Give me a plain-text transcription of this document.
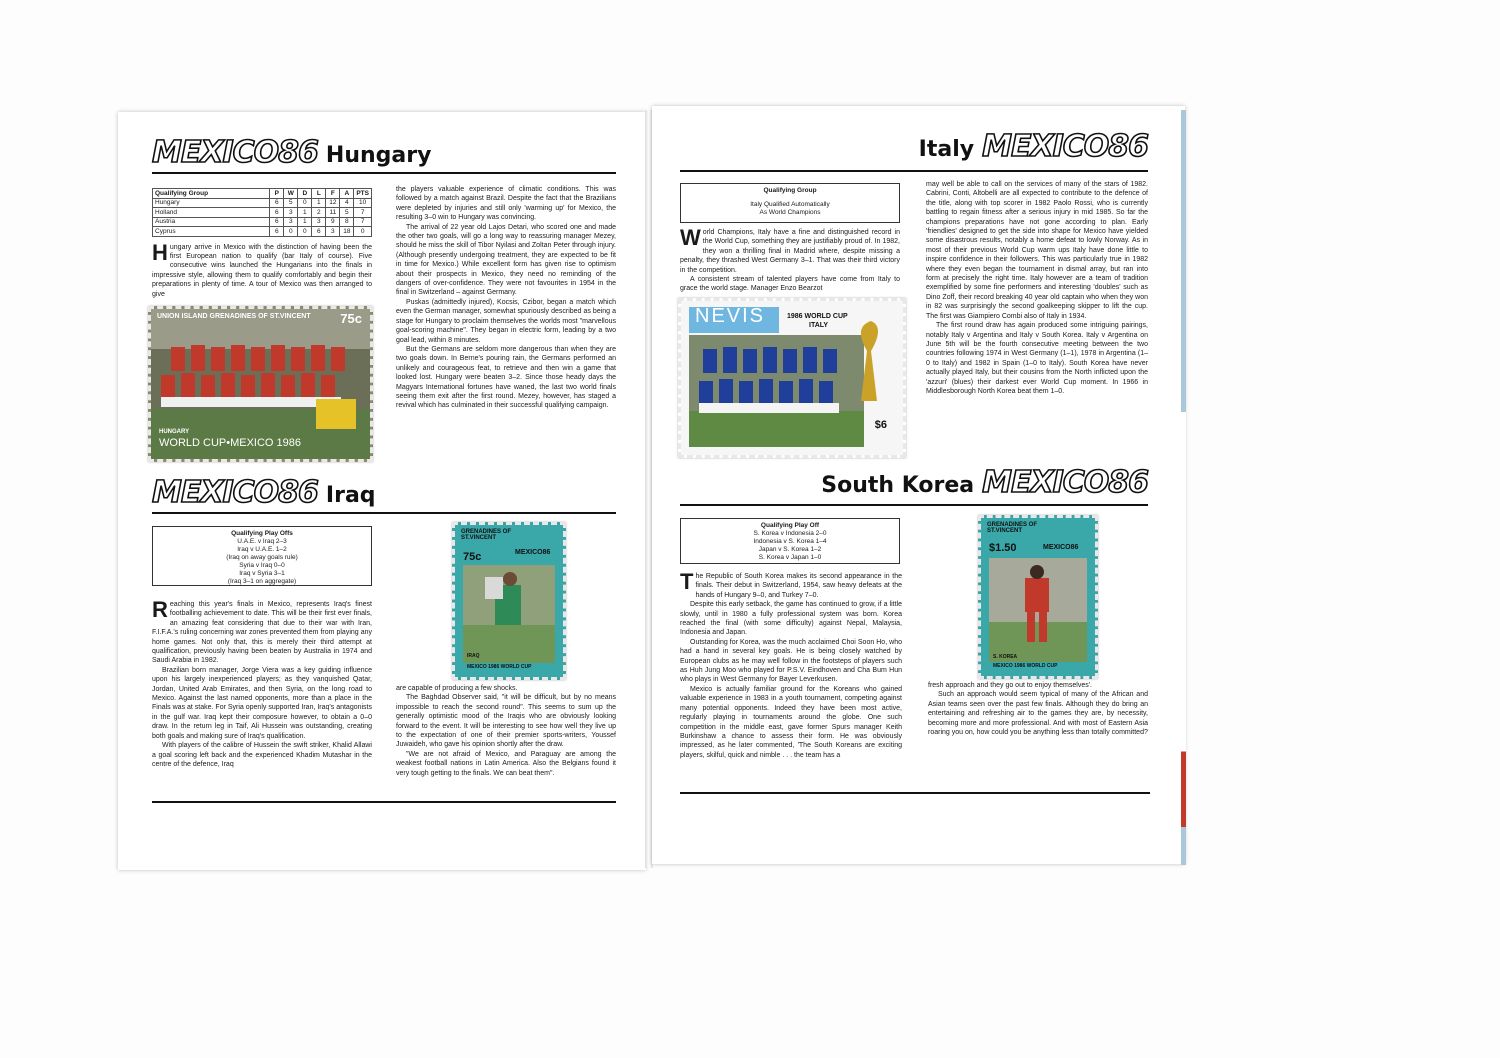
MEXICO86 Hungary
Qualifying Group	P	W	D	L	F	A	PTS
Hungary	6	5	0	1	12	4	10
Holland	6	3	1	2	11	5	7
Austria	6	3	1	3	9	8	7
Cyprus	6	0	0	6	3	18	0

Hungary arrive in Mexico with the distinction of having been the first European nation to qualify (bar Italy of course). Five consecutive wins launched the Hungarians into the finals in impressive style, allowing them to qualify comfortably and begin their preparations in plenty of time. A tour of Mexico was then arranged to give

UNION ISLAND GRENADINES OF ST.VINCENT 75c
HUNGARY
WORLD CUP•MEXICO 1986

the players valuable experience of climatic conditions. This was followed by a match against Brazil. Despite the fact that the Brazilians were depleted by injuries and still only 'warming up' for Mexico, the resulting 3–0 win to Hungary was convincing.

The arrival of 22 year old Lajos Detari, who scored one and made the other two goals, will go a long way to reassuring manager Mezey, should he miss the skill of Tibor Nyilasi and Zoltan Peter through injury. (Although presently undergoing treatment, they are expected to be fit in time for Mexico.) While excellent form has given rise to optimism about their prospects in Mexico, they need no reminding of the dangers of over-confidence. They were not favourites in 1954 in the final in Switzerland – against Germany.

Puskas (admittedly injured), Kocsis, Czibor, began a match which even the German manager, somewhat spuriously described as being a stage for Hungary to proclaim themselves the worlds most "marvellous goal-scoring machine". They began in electric form, leading by a two goal lead, within 8 minutes.

But the Germans are seldom more dangerous than when they are two goals down. In Berne's pouring rain, the Germans performed an unlikely and courageous feat, to retrieve and then win a game that looked lost. Hungary were beaten 3–2. Since those heady days the Magyars International fortunes have waned, the last two world finals seeing them exit after the first round. Mezey, however, has staged a revival which has culminated in their successful qualifying campaign.

MEXICO86 Iraq
Qualifying Play Offs
U.A.E. v Iraq 2–3
Iraq v U.A.E. 1–2
(Iraq on away goals rule)
Syria v Iraq 0–0
Iraq v Syria 3–1
(Iraq 3–1 on aggregate)
GRENADINES OF ST.VINCENT
75c	MEXICO86
IRAQ
MEXICO 1986 WORLD CUP

Reaching this year's finals in Mexico, represents Iraq's finest footballing achievement to date. This will be their first ever finals, an amazing feat considering that due to their war with Iran, F.I.F.A.'s ruling concerning war zones prevented them from playing any home games. Not only that, this is merely their third attempt at qualification, previously having been beaten by Australia in 1974 and Saudi Arabia in 1982.

Brazilian born manager, Jorge Viera was a key guiding influence upon his largely inexperienced players; as they vanquished Qatar, Jordan, United Arab Emirates, and then Syria, on the long road to Mexico. Against the last named opponents, more than a place in the Finals was at stake. For Syria openly supported Iran, Iraq's antagonists in the gulf war. Iraq kept their composure however, to obtain a 0–0 draw. In the return leg in Taif, Ali Hussein was outstanding, creating both goals and making sure of Iraq's qualification.

With players of the calibre of Hussein the swift striker, Khalid Allawi a goal scoring left back and the experienced Khadim Mutashar in the centre of the defence, Iraq

are capable of producing a few shocks.

The Baghdad Observer said, "it will be difficult, but by no means impossible to reach the second round". This seems to sum up the generally optimistic mood of the Iraqis who are obviously looking forward to the event. It will be interesting to see how well they live up to the expectation of one of their premier sports-writers, Youssef Juwaideh, who gave his opinion shortly after the draw.

"We are not afraid of Mexico, and Paraguay are among the weakest football nations in Latin America. Also the Belgians found it very tough getting to the finals. We can beat them".

Italy MEXICO86
Qualifying Group
Italy Qualified Automatically
As World Champions

World Champions, Italy have a fine and distinguished record in the World Cup, something they are justifiably proud of. In 1982, they won a thrilling final in Madrid where, despite missing a penalty, they thrashed West Germany 3–1. That was their third victory in the competition.

A consistent stream of talented players have come from Italy to grace the world stage. Manager Enzo Bearzot

NEVIS	1986 WORLD CUP
ITALY
$6

may well be able to call on the services of many of the stars of 1982. Cabrini, Conti, Altobelli are all expected to contribute to the defence of the title, along with top scorer in 1982 Paolo Rossi, who is currently battling to regain fitness after a serious injury in mid 1985. So far the champions preparations have not gone according to plan. Early 'friendlies' designed to get the side into shape for Mexico have yielded some disastrous results, notably a home defeat to lowly Norway. As in most of their previous World Cup warm ups Italy have done little to inspire confidence in their followers. This was particularly true in 1982 where they even began the tournament in dismal array, but ran into form at precisely the right time. Italy however are a team of tradition exemplified by some fine performers and interesting 'doubles' such as Dino Zoff, their record breaking 40 year old captain who when they won in 82 was surprisingly the second goalkeeping skipper to lift the cup. The first was Giampiero Combi also of Italy in 1934.

The first round draw has again produced some intriguing pairings, notably Italy v Argentina and Italy v South Korea. Italy v Argentina on June 5th will be the fourth consecutive meeting between the two countries following 1974 in West Germany (1–1), 1978 in Argentina (1–0 to Italy) and 1982 in Spain (1–0 to Italy). South Korea have never actually played Italy, but their cousins from the North inflicted upon the 'azzuri' (blues) their darkest ever World Cup moment. In 1966 in Middlesborough North Korea beat them 1–0.

South Korea MEXICO86
Qualifying Play Off
S. Korea v Indonesia 2–0
Indonesia v S. Korea 1–4
Japan v S. Korea 1–2
S. Korea v Japan 1–0
GRENADINES OF ST.VINCENT
$1.50	MEXICO86
S. KOREA
MEXICO 1986 WORLD CUP

The Republic of South Korea makes its second appearance in the finals. Their debut in Switzerland, 1954, saw heavy defeats at the hands of Hungary 9–0, and Turkey 7–0.

Despite this early setback, the game has continued to grow, if a little slowly, until in 1980 a fully professional system was born. Korea reached the final (with some difficulty) against Nepal, Malaysia, Indonesia and Japan.

Outstanding for Korea, was the much acclaimed Choi Soon Ho, who had a hand in several key goals. He is being closely watched by European clubs as he may well follow in the footsteps of players such as Huh Jung Moo who played for P.S.V. Eindhoven and Cha Bum Hun who plays in West Germany for Bayer Leverkusen.

Mexico is actually familiar ground for the Koreans who gained valuable experience in 1983 in a youth tournament, competing against many potential opponents. Indeed they have been most active, regularly playing in tournaments around the globe. One such competition in the middle east, gave former Spurs manager Keith Burkinshaw a chance to assess their form. He was obviously impressed, as he later commented, 'The South Koreans are exciting players, skilful, quick and nimble . . . the team has a

fresh approach and they go out to enjoy themselves'.

Such an approach would seem typical of many of the African and Asian teams seen over the past few finals. Although they do bring an entertaining and refreshing air to the games they are, by necessity, becoming more and more professional. And with most of Eastern Asia roaring you on, how could you be anything less than totally committed?
